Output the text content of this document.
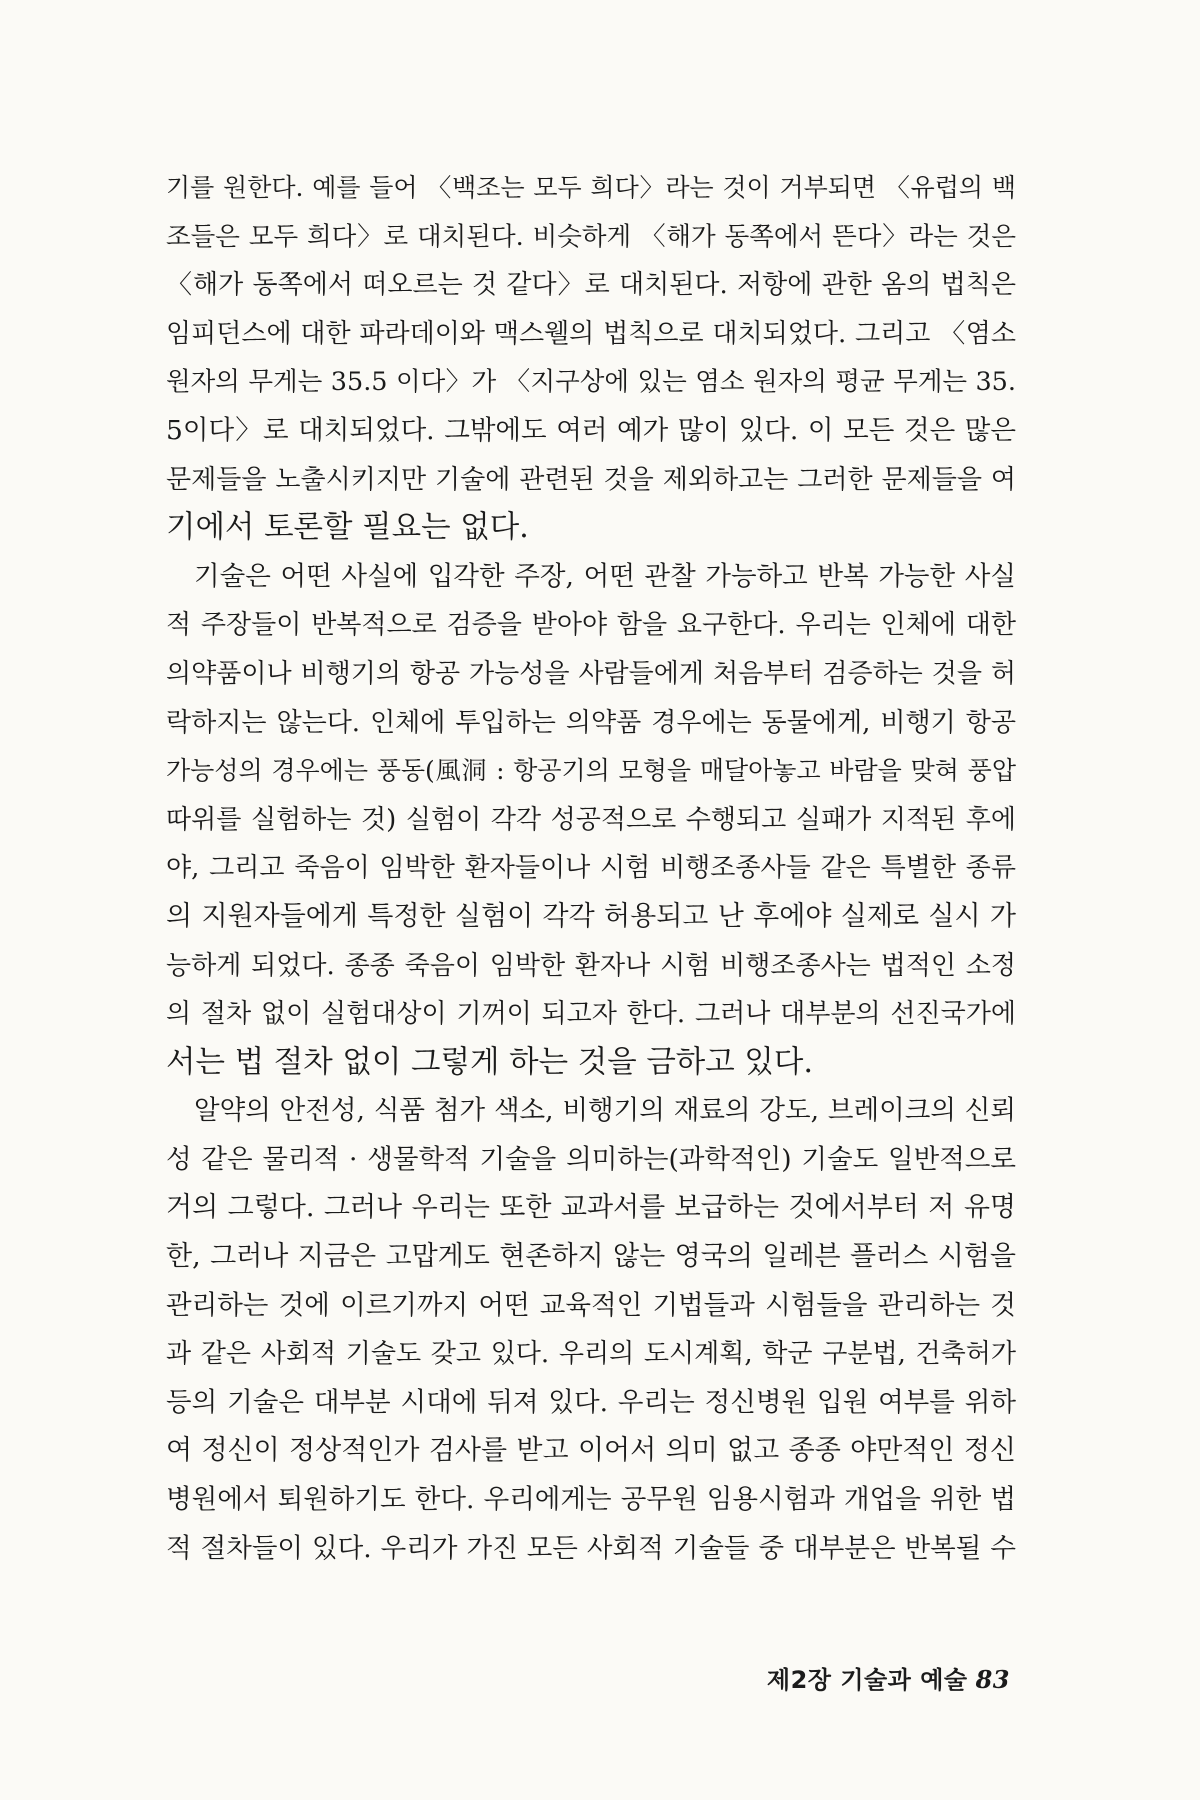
기를 원한다. 예를 들어 〈백조는 모두 희다〉라는 것이 거부되면 〈유럽의 백
조들은 모두 희다〉로 대치된다. 비슷하게 〈해가 동쪽에서 뜬다〉라는 것은
〈해가 동쪽에서 떠오르는 것 같다〉로 대치된다. 저항에 관한 옴의 법칙은
임피던스에 대한 파라데이와 맥스웰의 법칙으로 대치되었다. 그리고 〈염소
원자의 무게는 35.5 이다〉가 〈지구상에 있는 염소 원자의 평균 무게는 35.
5이다〉로 대치되었다. 그밖에도 여러 예가 많이 있다. 이 모든 것은 많은
문제들을 노출시키지만 기술에 관련된 것을 제외하고는 그러한 문제들을 여
기에서 토론할 필요는 없다.
기술은 어떤 사실에 입각한 주장, 어떤 관찰 가능하고 반복 가능한 사실
적 주장들이 반복적으로 검증을 받아야 함을 요구한다. 우리는 인체에 대한
의약품이나 비행기의 항공 가능성을 사람들에게 처음부터 검증하는 것을 허
락하지는 않는다. 인체에 투입하는 의약품 경우에는 동물에게, 비행기 항공
가능성의 경우에는 풍동(風洞 : 항공기의 모형을 매달아놓고 바람을 맞혀 풍압
따위를 실험하는 것) 실험이 각각 성공적으로 수행되고 실패가 지적된 후에
야, 그리고 죽음이 임박한 환자들이나 시험 비행조종사들 같은 특별한 종류
의 지원자들에게 특정한 실험이 각각 허용되고 난 후에야 실제로 실시 가
능하게 되었다. 종종 죽음이 임박한 환자나 시험 비행조종사는 법적인 소정
의 절차 없이 실험대상이 기꺼이 되고자 한다. 그러나 대부분의 선진국가에
서는 법 절차 없이 그렇게 하는 것을 금하고 있다.
알약의 안전성, 식품 첨가 색소, 비행기의 재료의 강도, 브레이크의 신뢰
성 같은 물리적 · 생물학적 기술을 의미하는(과학적인) 기술도 일반적으로
거의 그렇다. 그러나 우리는 또한 교과서를 보급하는 것에서부터 저 유명
한, 그러나 지금은 고맙게도 현존하지 않는 영국의 일레븐 플러스 시험을
관리하는 것에 이르기까지 어떤 교육적인 기법들과 시험들을 관리하는 것
과 같은 사회적 기술도 갖고 있다. 우리의 도시계획, 학군 구분법, 건축허가
등의 기술은 대부분 시대에 뒤져 있다. 우리는 정신병원 입원 여부를 위하
여 정신이 정상적인가 검사를 받고 이어서 의미 없고 종종 야만적인 정신
병원에서 퇴원하기도 한다. 우리에게는 공무원 임용시험과 개업을 위한 법
적 절차들이 있다. 우리가 가진 모든 사회적 기술들 중 대부분은 반복될 수
제2장 기술과 예술 83
